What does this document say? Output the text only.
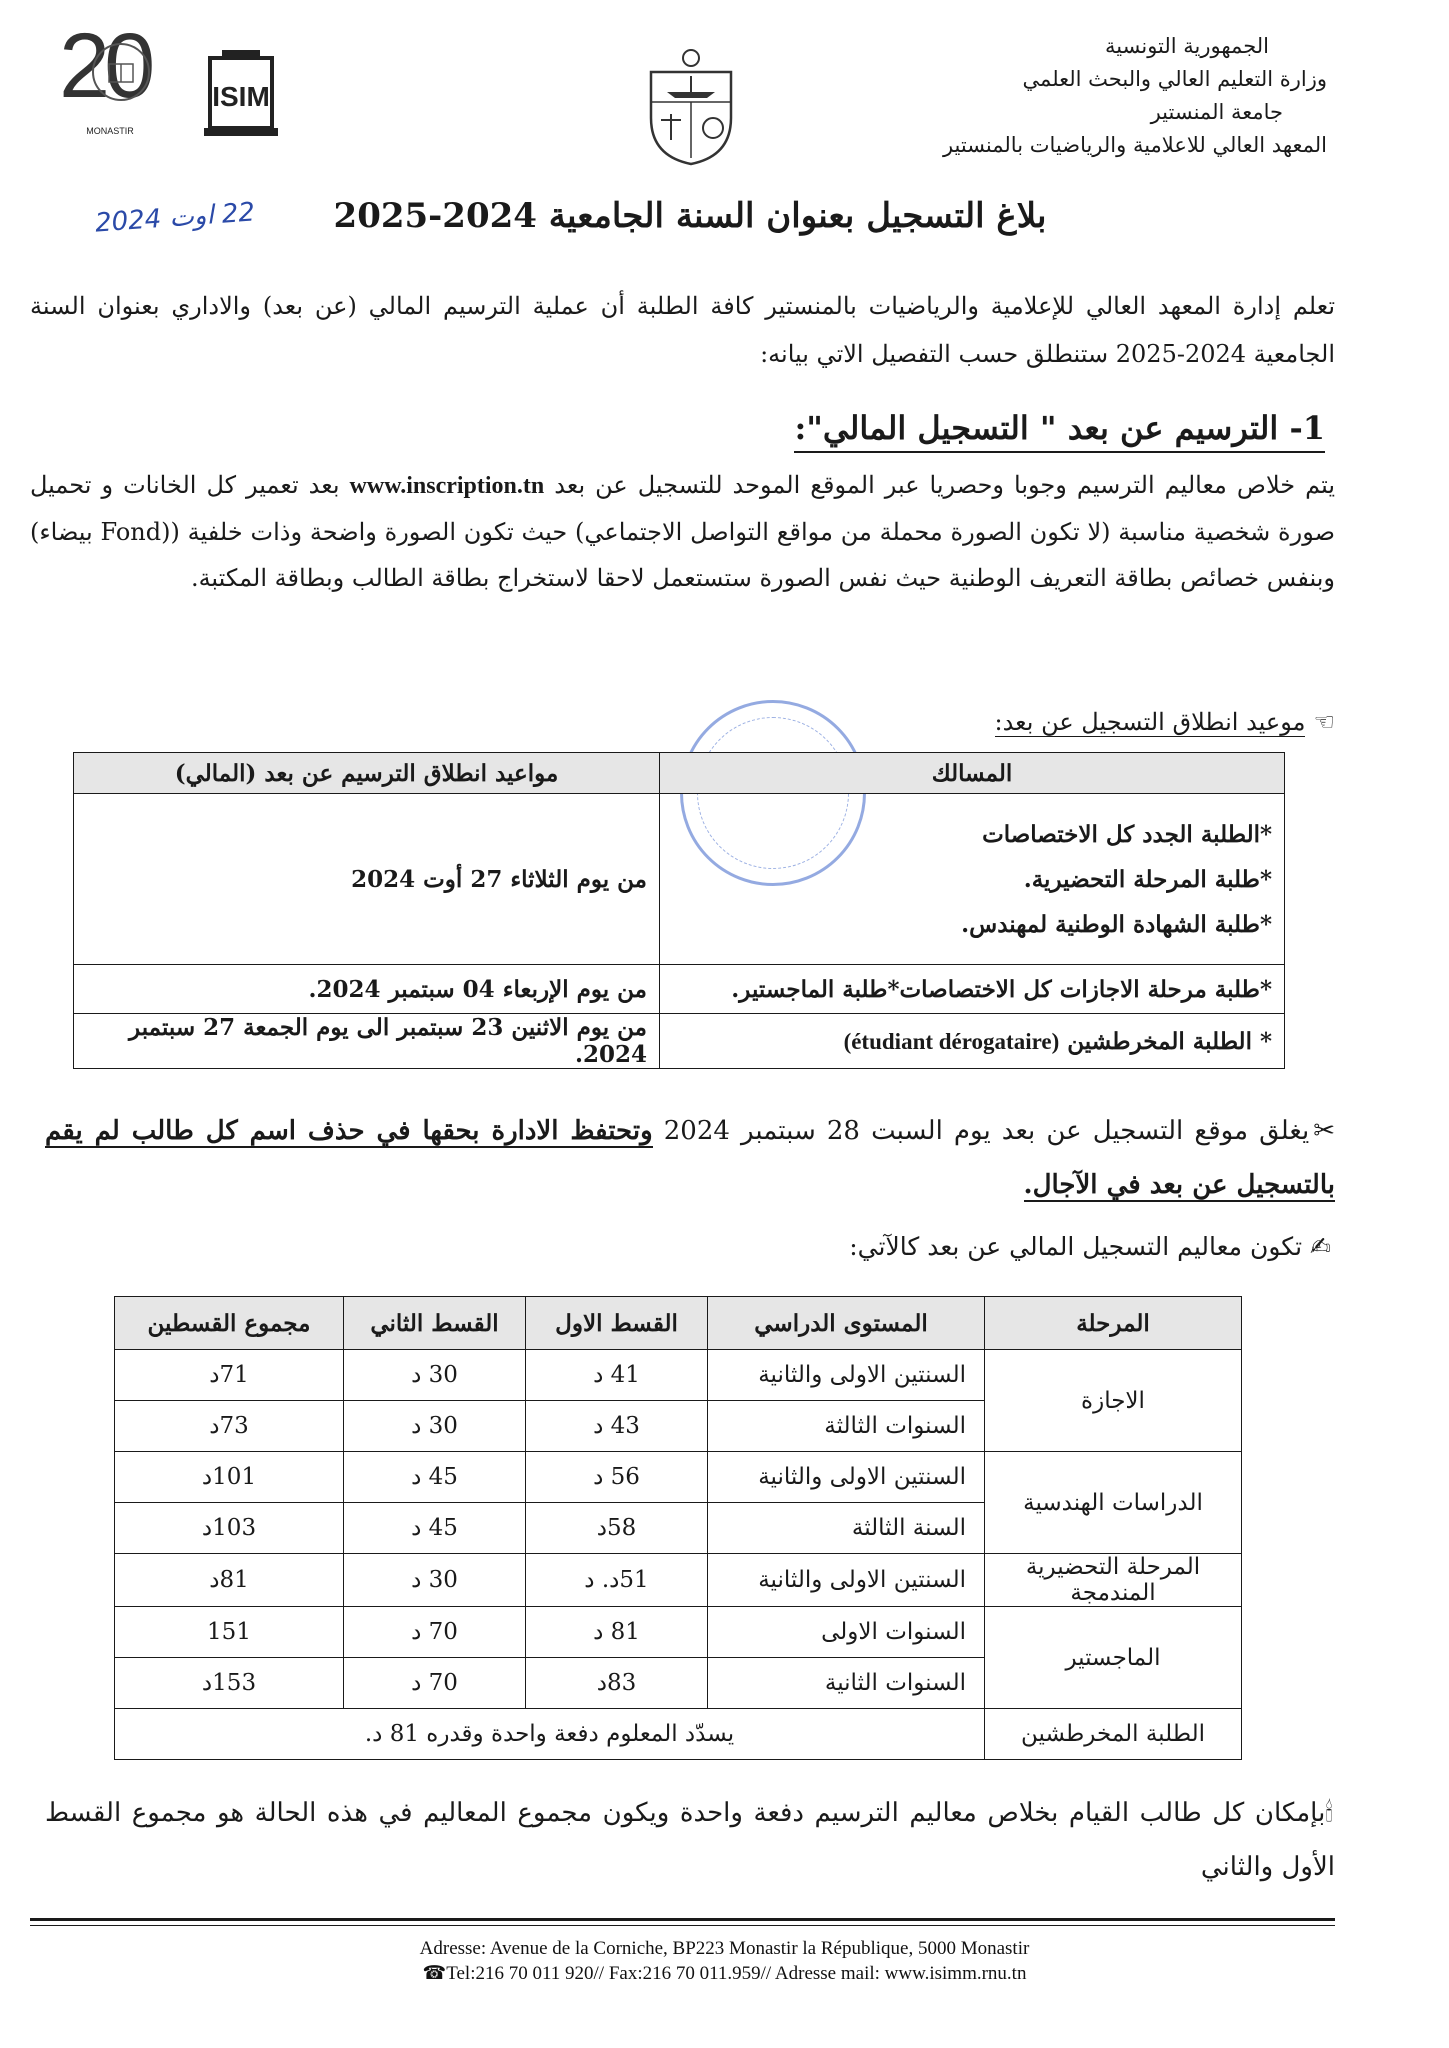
20
MONASTIR
ISIM
الجمهورية التونسية
وزارة التعليم العالي والبحث العلمي
جامعة المنستير
المعهد العالي للاعلامية والرياضيات بالمنستير
22 اوت 2024 بلاغ التسجيل بعنوان السنة الجامعية 2024-2025
تعلم إدارة المعهد العالي للإعلامية والرياضيات بالمنستير كافة الطلبة أن عملية الترسيم المالي (عن بعد) والاداري بعنوان السنة الجامعية 2024-2025 ستنطلق حسب التفصيل الاتي بيانه:
1- الترسيم عن بعد " التسجيل المالي":
يتم خلاص معاليم الترسيم وجوبا وحصريا عبر الموقع الموحد للتسجيل عن بعد www.inscription.tn بعد تعمير كل الخانات و تحميل صورة شخصية مناسبة (لا تكون الصورة محملة من مواقع التواصل الاجتماعي) حيث تكون الصورة واضحة وذات خلفية ((Fond بيضاء) وبنفس خصائص بطاقة التعريف الوطنية حيث نفس الصورة ستستعمل لاحقا لاستخراج بطاقة الطالب وبطاقة المكتبة.
☜موعيد انطلاق التسجيل عن بعد:
المسالك	مواعيد انطلاق الترسيم عن بعد (المالي)

*الطلبة الجدد كل الاختصاصات
*طلبة المرحلة التحضيرية.
*طلبة الشهادة الوطنية لمهندس.	من يوم الثلاثاء 27 أوت 2024
*طلبة مرحلة الاجازات كل الاختصاصات*طلبة الماجستير.	من يوم الإربعاء 04 سبتمبر 2024.
* الطلبة المخرطشين (étudiant dérogataire)	من يوم الاثنين 23 سبتمبر الى يوم الجمعة 27 سبتمبر 2024.
✂يغلق موقع التسجيل عن بعد يوم السبت 28 سبتمبر 2024 وتحتفظ الادارة بحقها في حذف اسم كل طالب لم يقم بالتسجيل عن بعد في الآجال.
✍تكون معاليم التسجيل المالي عن بعد كالآتي:
المرحلة	المستوى الدراسي	القسط الاول	القسط الثاني	مجموع القسطين
الاجازة	السنتين الاولى والثانية	41 د	30 د	71د
	السنوات الثالثة	43 د	30 د	73د
الدراسات الهندسية	السنتين الاولى والثانية	56 د	45 د	101د
	السنة الثالثة	58د	45 د	103د
المرحلة التحضيرية المندمجة	السنتين الاولى والثانية	51د. د	30 د	81د
الماجستير	السنوات الاولى	81 د	70 د	151
	السنوات الثانية	83د	70 د	153د
الطلبة المخرطشين	يسدّد المعلوم دفعة واحدة وقدره 81 د.			
🕯بإمكان كل طالب القيام بخلاص معاليم الترسيم دفعة واحدة ويكون مجموع المعاليم في هذه الحالة هو مجموع القسط الأول والثاني
Adresse: Avenue de la Corniche, BP223 Monastir la République, 5000 Monastir
☎Tel:216 70 011 920// Fax:216 70 011.959// Adresse mail: www.isimm.rnu.tn
